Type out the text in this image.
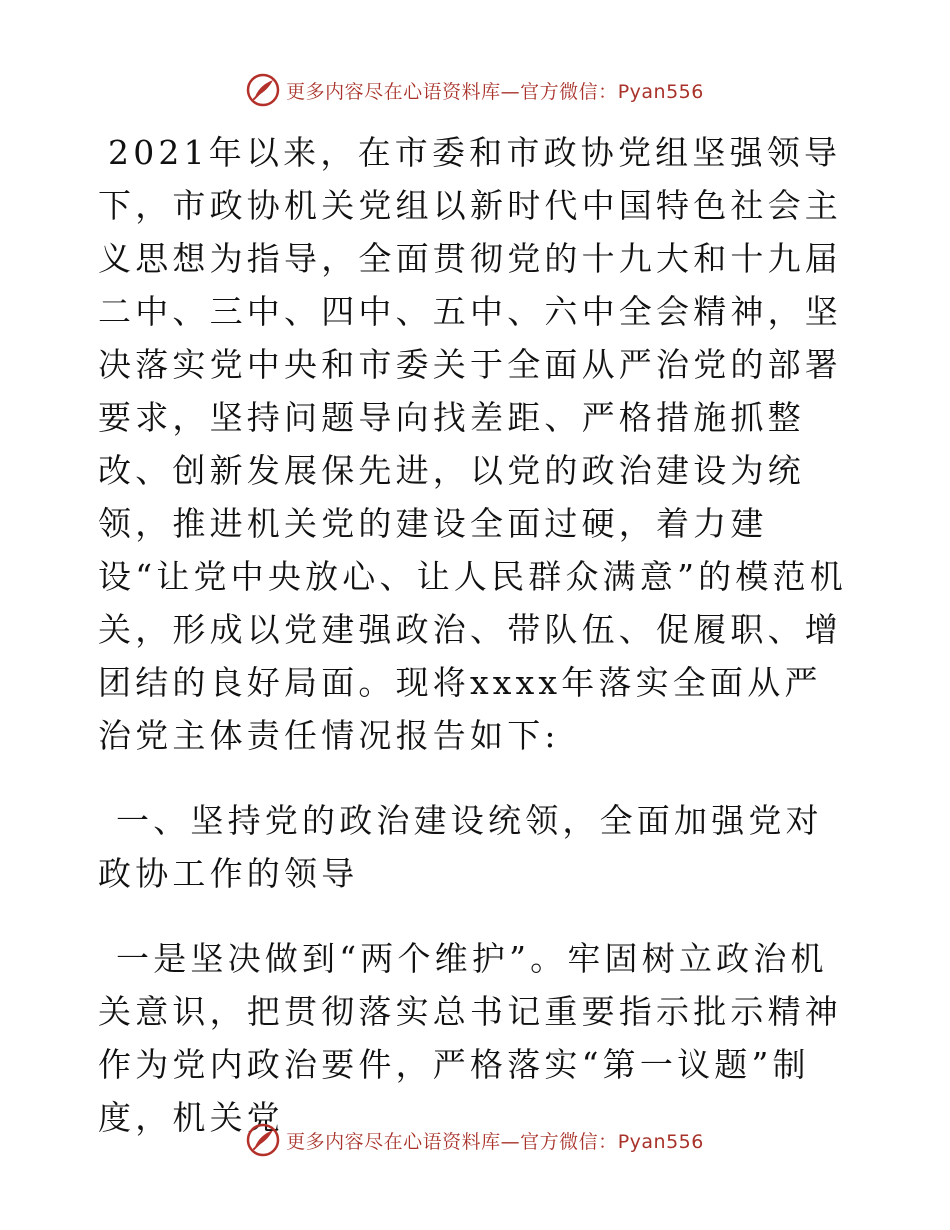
更多内容尽在心语资料库—官方微信：Pyan556

2021年以来，在市委和市政协党组坚强领导下，市政协机关党组以新时代中国特色社会主义思想为指导，全面贯彻党的十九大和十九届二中、三中、四中、五中、六中全会精神，坚决落实党中央和市委关于全面从严治党的部署要求，坚持问题导向找差距、严格措施抓整改、创新发展保先进，以党的政治建设为统领，推进机关党的建设全面过硬，着力建设“让党中央放心、让人民群众满意”的模范机关，形成以党建强政治、带队伍、促履职、增团结的良好局面。现将xxxx年落实全面从严治党主体责任情况报告如下:

一、坚持党的政治建设统领，全面加强党对政协工作的领导

一是坚决做到“两个维护”。牢固树立政治机关意识，把贯彻落实总书记重要指示批示精神作为党内政治要件，严格落实“第一议题”制度，机关党

更多内容尽在心语资料库—官方微信：Pyan556
